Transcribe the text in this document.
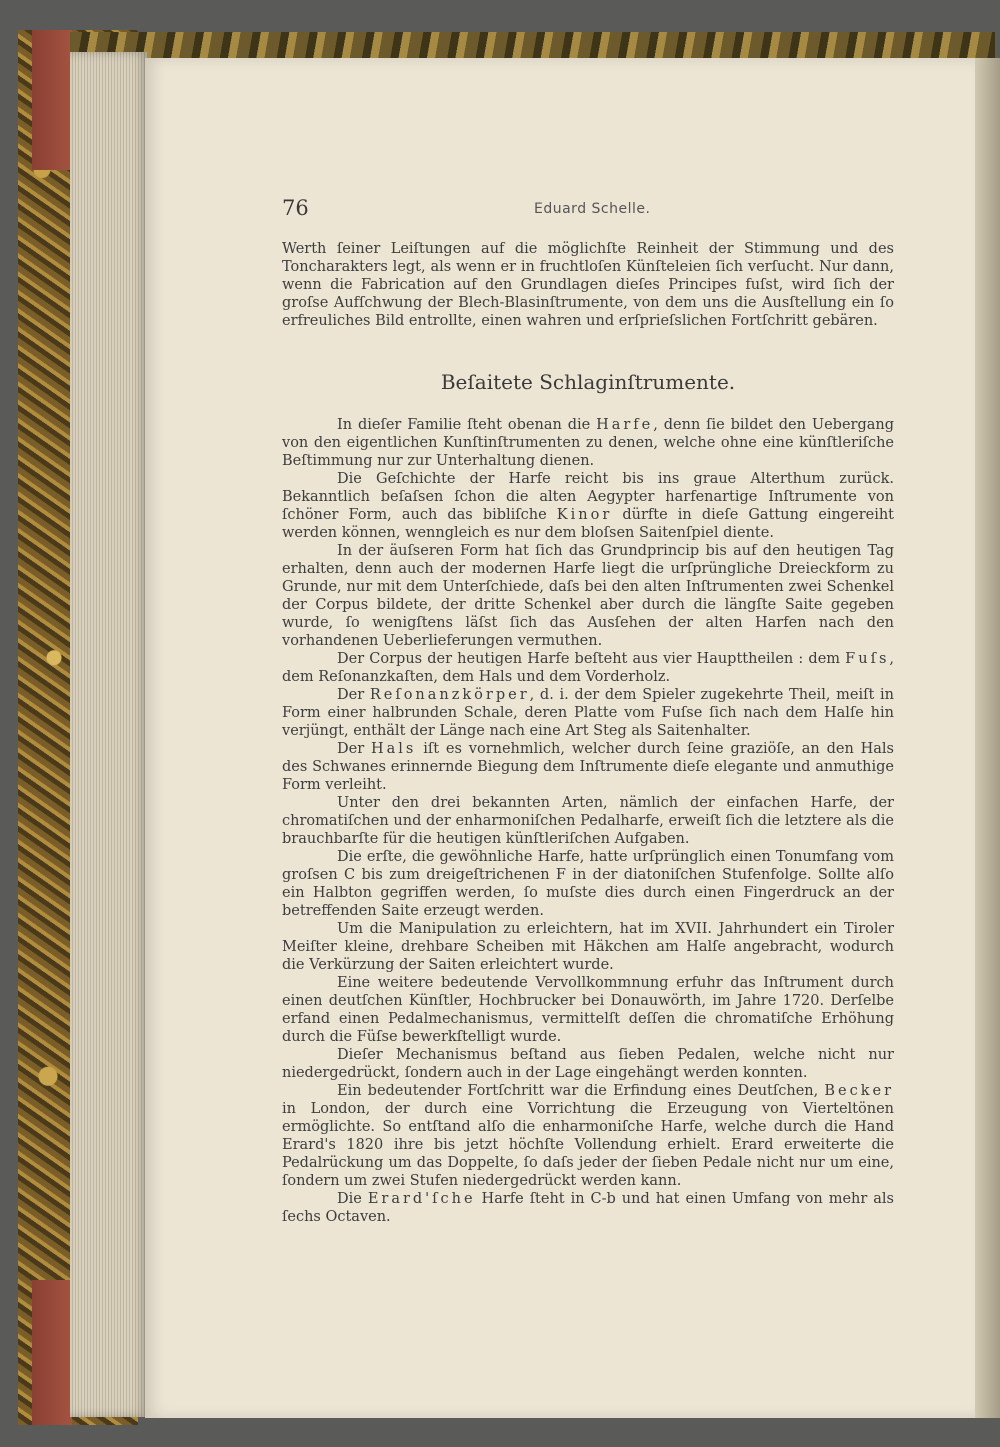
76	Eduard Schelle.

Werth ſeiner Leiſtungen auf die möglichſte Reinheit der Stimmung und des Toncharakters legt, als wenn er in fruchtloſen Künſteleien ſich verſucht. Nur dann, wenn die Fabrication auf den Grundlagen dieſes Principes fuſst, wird ſich der groſse Aufſchwung der Blech-Blasinſtrumente, von dem uns die Ausſtellung ein ſo erfreuliches Bild entrollte, einen wahren und erſprieſslichen Fortſchritt gebären.

Beſaitete Schlaginſtrumente.

In dieſer Familie ſteht obenan die Harfe, denn ſie bildet den Uebergang von den eigentlichen Kunſtinſtrumenten zu denen, welche ohne eine künſtleriſche Beſtimmung nur zur Unterhaltung dienen.

Die Geſchichte der Harfe reicht bis ins graue Alterthum zurück. Bekanntlich beſaſsen ſchon die alten Aegypter harfenartige Inſtrumente von ſchöner Form, auch das bibliſche Kinor dürfte in dieſe Gattung eingereiht werden können, wenngleich es nur dem bloſsen Saitenſpiel diente.

In der äuſseren Form hat ſich das Grundprincip bis auf den heutigen Tag erhalten, denn auch der modernen Harfe liegt die urſprüngliche Dreieckform zu Grunde, nur mit dem Unterſchiede, daſs bei den alten Inſtrumenten zwei Schenkel der Corpus bildete, der dritte Schenkel aber durch die längſte Saite gegeben wurde, ſo wenigſtens läſst ſich das Ausſehen der alten Harfen nach den vorhandenen Ueberlieferungen vermuthen.

Der Corpus der heutigen Harfe beſteht aus vier Haupttheilen : dem Fuſs, dem Reſonanzkaſten, dem Hals und dem Vorderholz.

Der Reſonanzkörper, d. i. der dem Spieler zugekehrte Theil, meiſt in Form einer halbrunden Schale, deren Platte vom Fuſse ſich nach dem Halſe hin verjüngt, enthält der Länge nach eine Art Steg als Saitenhalter.

Der Hals iſt es vornehmlich, welcher durch ſeine graziöſe, an den Hals des Schwanes erinnernde Biegung dem Inſtrumente dieſe elegante und anmuthige Form verleiht.

Unter den drei bekannten Arten, nämlich der einfachen Harfe, der chromatiſchen und der enharmoniſchen Pedalharfe, erweiſt ſich die letztere als die brauchbarſte für die heutigen künſtleriſchen Aufgaben.

Die erſte, die gewöhnliche Harfe, hatte urſprünglich einen Tonumfang vom groſsen C bis zum dreigeſtrichenen F in der diatoniſchen Stufenfolge. Sollte alſo ein Halbton gegriffen werden, ſo muſste dies durch einen Fingerdruck an der betreffenden Saite erzeugt werden.

Um die Manipulation zu erleichtern, hat im XVII. Jahrhundert ein Tiroler Meiſter kleine, drehbare Scheiben mit Häkchen am Halſe angebracht, wodurch die Verkürzung der Saiten erleichtert wurde.

Eine weitere bedeutende Vervollkommnung erfuhr das Inſtrument durch einen deutſchen Künſtler, Hochbrucker bei Donauwörth, im Jahre 1720. Derſelbe erfand einen Pedalmechanismus, vermittelſt deſſen die chromatiſche Erhöhung durch die Füſse bewerkſtelligt wurde.

Dieſer Mechanismus beſtand aus ſieben Pedalen, welche nicht nur niedergedrückt, ſondern auch in der Lage eingehängt werden konnten.

Ein bedeutender Fortſchritt war die Erfindung eines Deutſchen, Becker in London, der durch eine Vorrichtung die Erzeugung von Vierteltönen ermöglichte. So entſtand alſo die enharmoniſche Harfe, welche durch die Hand Erard's 1820 ihre bis jetzt höchſte Vollendung erhielt. Erard erweiterte die Pedalrückung um das Doppelte, ſo daſs jeder der ſieben Pedale nicht nur um eine, ſondern um zwei Stufen niedergedrückt werden kann.

Die Erard'ſche Harfe ſteht in C-b und hat einen Umfang von mehr als ſechs Octaven.
